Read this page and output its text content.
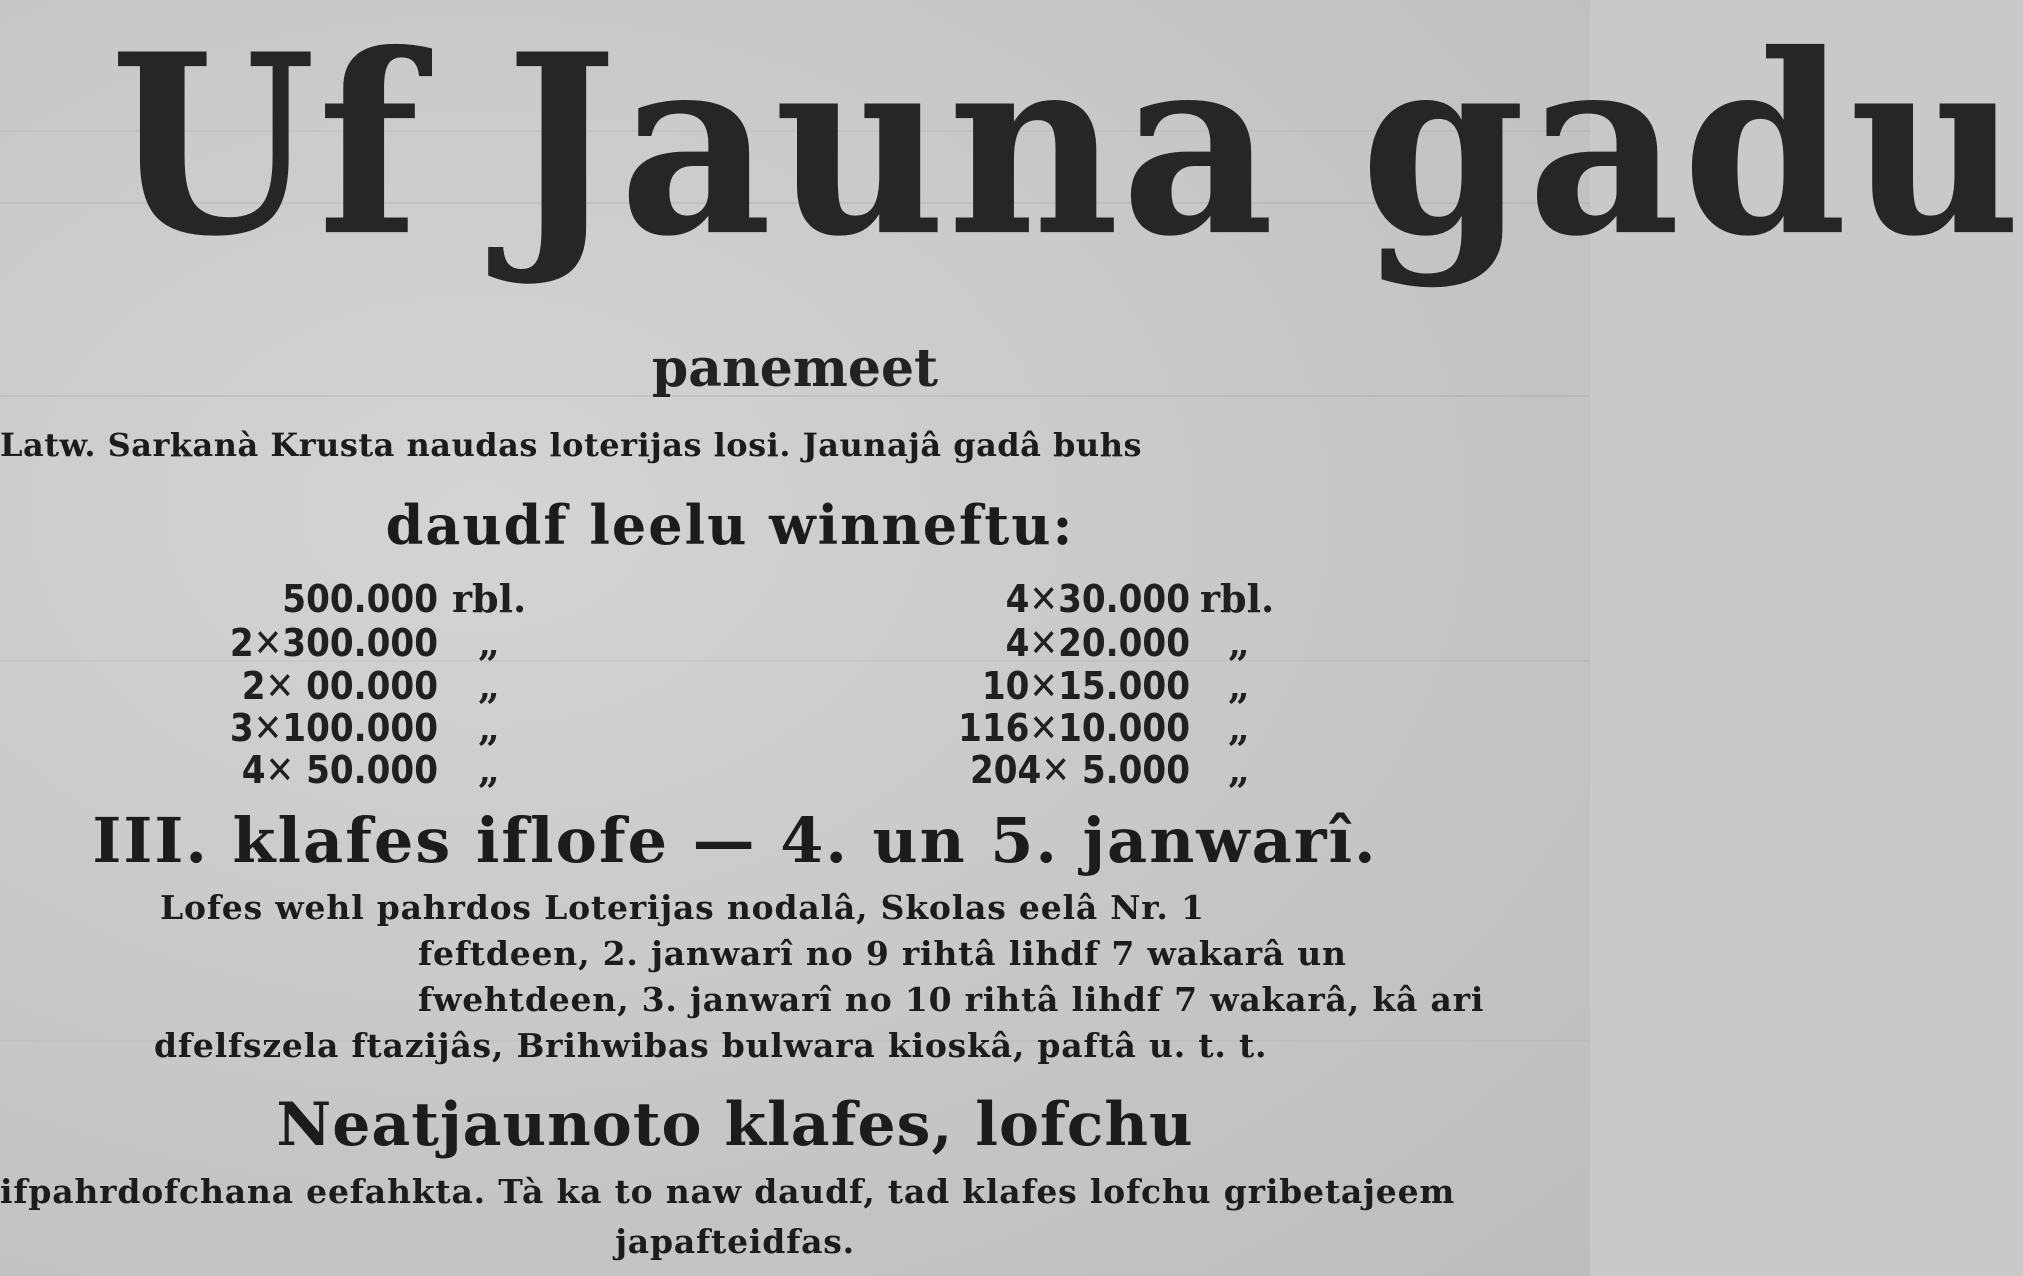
Uf Jauna gadu
panemeet
Latw. Sarkanà Krusta naudas loterijas losi. Jaunajâ gadâ buhs
daudf leelu winneftu:
500.000 rbl.
2✕300.000 „
2✕ 00.000 „
3✕100.000 „
4✕ 50.000 „
4✕30.000 rbl.
4✕20.000 „
10✕15.000 „
116✕10.000 „
204✕ 5.000 „
III. klafes iflofe — 4. un 5. janwarî.
Lofes wehl pahrdos Loterijas nodalâ, Skolas eelâ Nr. 1
feftdeen, 2. janwarî no 9 rihtâ lihdf 7 wakarâ un
fwehtdeen, 3. janwarî no 10 rihtâ lihdf 7 wakarâ, kâ ari
dfelfszela ftazijâs, Brihwibas bulwara kioskâ, paftâ u. t. t.
Neatjaunoto klafes, lofchu
ifpahrdofchana eefahkta. Tà ka to naw daudf, tad klafes lofchu gribetajeem
japafteidfas.
